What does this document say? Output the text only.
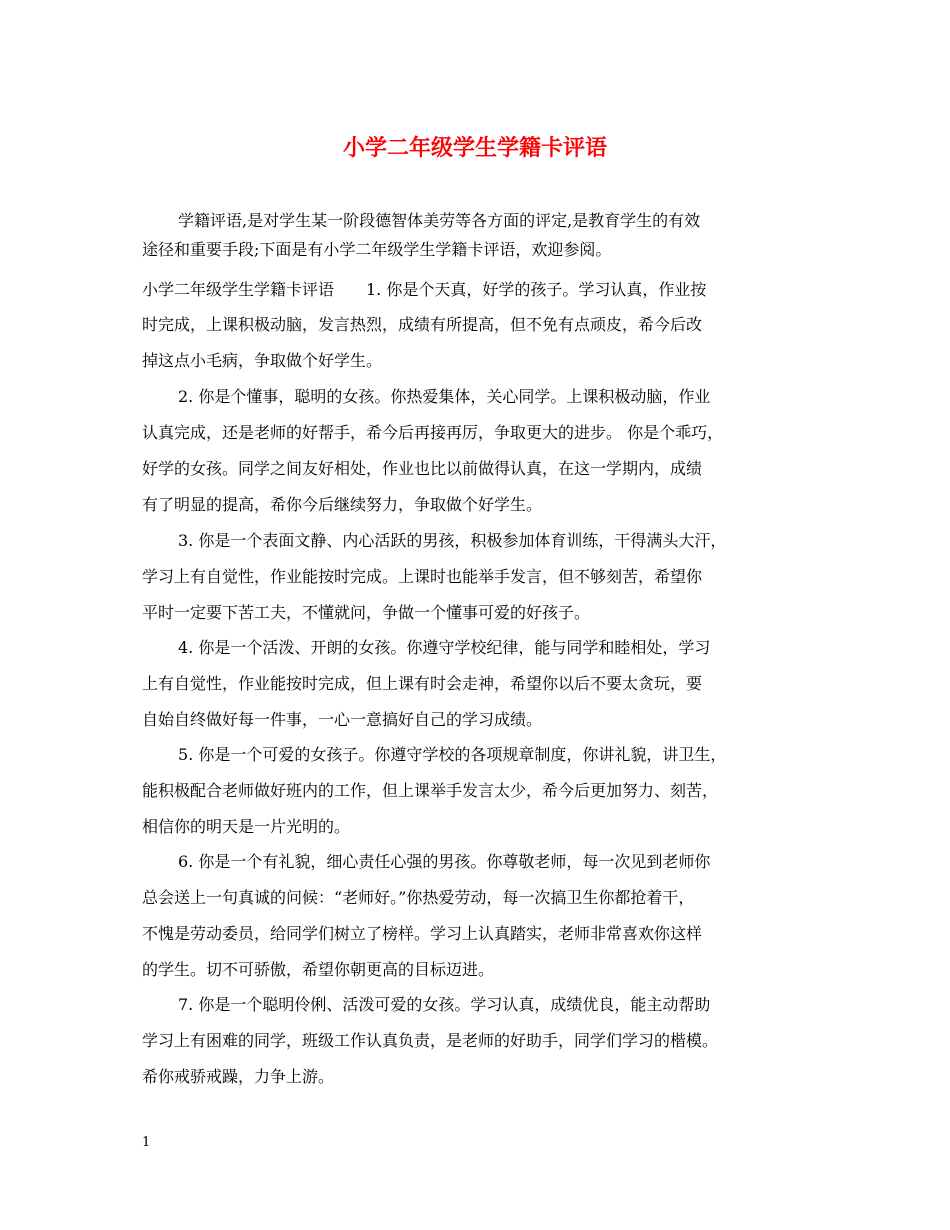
小学二年级学生学籍卡评语

学籍评语,是对学生某一阶段德智体美劳等各方面的评定,是教育学生的有效

途径和重要手段;下面是有小学二年级学生学籍卡评语，欢迎参阅。

小学二年级学生学籍卡评语　　1. 你是个天真，好学的孩子。学习认真，作业按

时完成，上课积极动脑，发言热烈，成绩有所提高，但不免有点顽皮，希今后改

掉这点小毛病，争取做个好学生。

2. 你是个懂事，聪明的女孩。你热爱集体，关心同学。上课积极动脑，作业

认真完成，还是老师的好帮手，希今后再接再厉，争取更大的进步。 你是个乖巧，

好学的女孩。同学之间友好相处，作业也比以前做得认真，在这一学期内，成绩

有了明显的提高，希你今后继续努力，争取做个好学生。

3. 你是一个表面文静、内心活跃的男孩，积极参加体育训练，干得满头大汗，

学习上有自觉性，作业能按时完成。上课时也能举手发言，但不够刻苦，希望你

平时一定要下苦工夫，不懂就问，争做一个懂事可爱的好孩子。

4. 你是一个活泼、开朗的女孩。你遵守学校纪律，能与同学和睦相处，学习

上有自觉性，作业能按时完成，但上课有时会走神，希望你以后不要太贪玩，要

自始自终做好每一件事，一心一意搞好自己的学习成绩。

5. 你是一个可爱的女孩子。你遵守学校的各项规章制度，你讲礼貌，讲卫生，

能积极配合老师做好班内的工作，但上课举手发言太少，希今后更加努力、刻苦，

相信你的明天是一片光明的。

6. 你是一个有礼貌，细心责任心强的男孩。你尊敬老师，每一次见到老师你

总会送上一句真诚的问候：“老师好。”你热爱劳动，每一次搞卫生你都抢着干，

不愧是劳动委员，给同学们树立了榜样。学习上认真踏实，老师非常喜欢你这样

的学生。切不可骄傲，希望你朝更高的目标迈进。

7. 你是一个聪明伶俐、活泼可爱的女孩。学习认真，成绩优良，能主动帮助

学习上有困难的同学，班级工作认真负责，是老师的好助手，同学们学习的楷模。

希你戒骄戒躁，力争上游。

1
